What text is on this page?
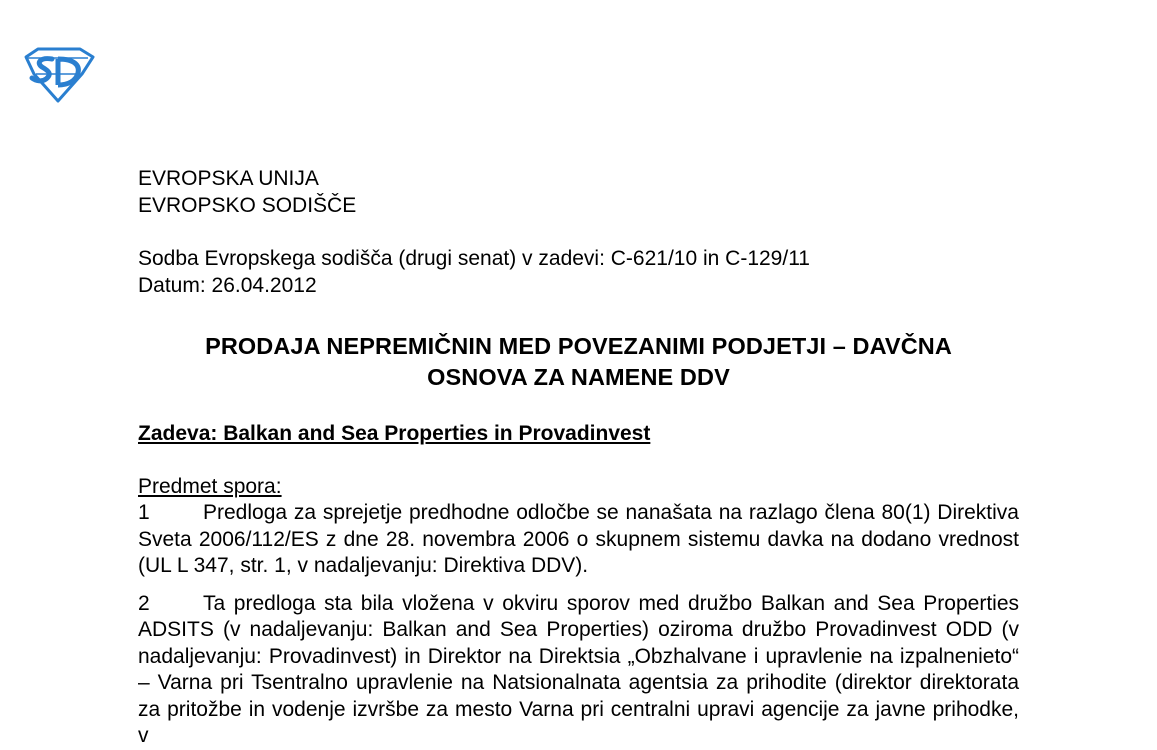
EVROPSKA UNIJA
EVROPSKO SODIŠČE
Sodba Evropskega sodišča (drugi senat) v zadevi: C-621/10 in C-129/11
Datum: 26.04.2012
PRODAJA NEPREMIČNIN MED POVEZANIMI PODJETJI – DAVČNA
OSNOVA ZA NAMENE DDV
Zadeva: Balkan and Sea Properties in Provadinvest
Predmet spora:

1	Predloga za sprejetje predhodne odločbe se nanašata na razlago člena 80(1) Direktiva Sveta 2006/112/ES z dne 28. novembra 2006 o skupnem sistemu davka na dodano vrednost (UL L 347, str. 1, v nadaljevanju: Direktiva DDV).

2	Ta predloga sta bila vložena v okviru sporov med družbo Balkan and Sea Properties ADSITS (v nadaljevanju: Balkan and Sea Properties) oziroma družbo Provadinvest ODD (v nadaljevanju: Provadinvest) in Direktor na Direktsia „Obzhalvane i upravlenie na izpalnenieto“ – Varna pri Tsentralno upravlenie na Natsionalnata agentsia za prihodite (direktor direktorata za pritožbe in vodenje izvršbe za mesto Varna pri centralni upravi agencije za javne prihodke, v
